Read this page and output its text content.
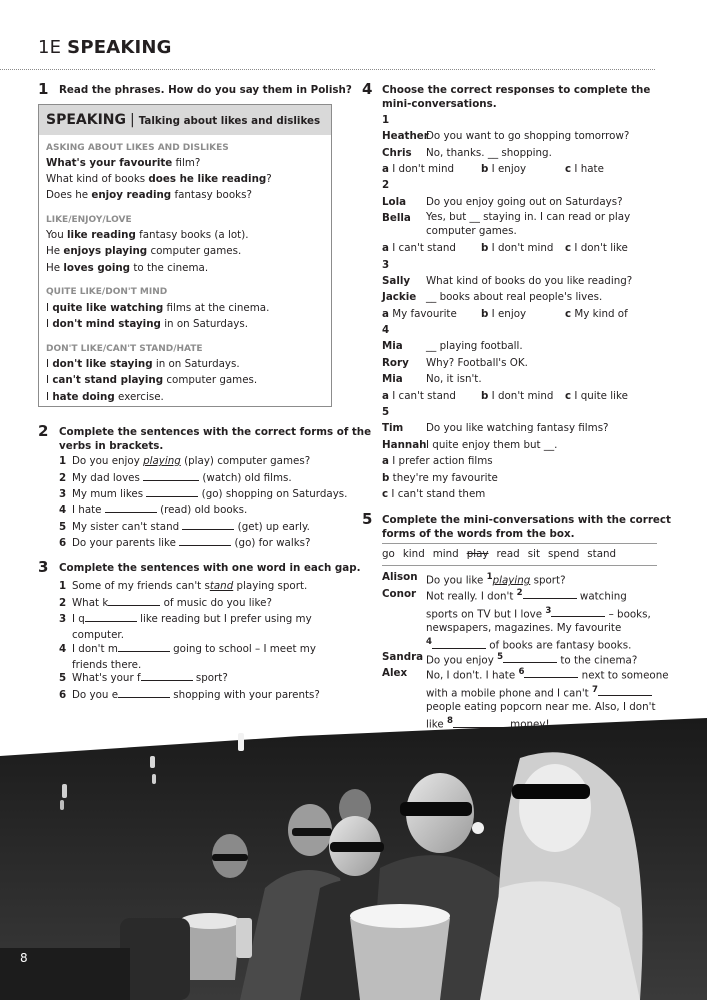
1E SPEAKING
1 Read the phrases. How do you say them in Polish?
SPEAKING | Talking about likes and dislikes
ASKING ABOUT LIKES AND DISLIKES
What's your favourite film?
What kind of books does he like reading?
Does he enjoy reading fantasy books?
LIKE/ENJOY/LOVE
You like reading fantasy books (a lot).
He enjoys playing computer games.
He loves going to the cinema.
QUITE LIKE/DON'T MIND
I quite like watching films at the cinema.
I don't mind staying in on Saturdays.
DON'T LIKE/CAN'T STAND/HATE
I don't like staying in on Saturdays.
I can't stand playing computer games.
I hate doing exercise.
2 Complete the sentences with the correct forms of the
verbs in brackets.
1 Do you enjoy playing (play) computer games?
2 My dad loves	(watch) old films.
3 My mum likes	(go) shopping on Saturdays.
4 I hate	(read) old books.
5 My sister can't stand	(get) up early.
6 Do your parents like	(go) for walks?
3 Complete the sentences with one word in each gap.
1 Some of my friends can't stand playing sport.
2 What k	of music do you like?
3 I q	like reading but I prefer using my
computer.
4 I don't m	going to school – I meet my
friends there.
5 What's your f	sport?
6 Do you e	shopping with your parents?
4 Choose the correct responses to complete the
mini-conversations.
1
Heather
Do you want to go shopping tomorrow?
Chris No, thanks. __ shopping.
a I don't mind	b I enjoy	c I hate
2
Lola Do you enjoy going out on Saturdays?
Bella Yes, but __ staying in. I can read or play
computer games.
a I can't stand b I don't mind c I don't like
3
Sally What kind of books do you like reading?
Jackie __ books about real people's lives.
a My favourite b I enjoy	c My kind of
4
Mia __ playing football.
Rory Why? Football's OK.
Mia No, it isn't.
a I can't stand b I don't mind c I quite like
5
Tim Do you like watching fantasy films?
Hannah I quite enjoy them but __.
a I prefer action films
b they're my favourite
c I can't stand them
5 Complete the mini-conversations with the correct
forms of the words from the box.
go kind mind play read sit spend stand
Alison Do you like $^1$playing sport?
Conor Not really. I don't $^2$	watching
sports on TV but I love $^3$	– books,
newspapers, magazines. My favourite
$^4$	of books are fantasy books.
Sandra Do you enjoy $^5$	to the cinema?
Alex No, I don't. I hate $^6$	next to someone
with a mobile phone and I can't $^7$
people eating popcorn near me. Also, I don't
like $^8$	money!
8
